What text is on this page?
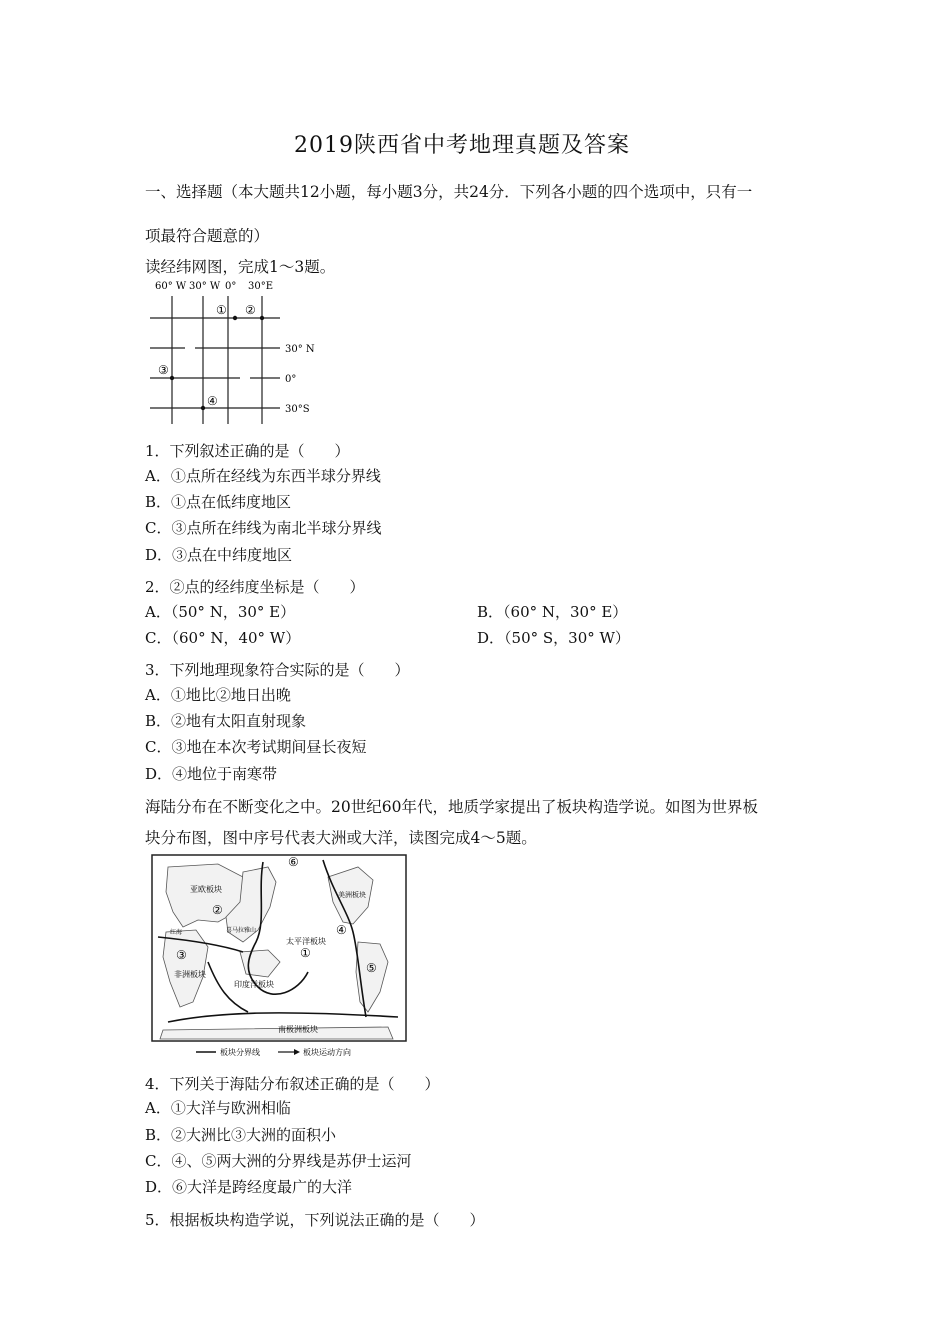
2019陕西省中考地理真题及答案
一、选择题（本大题共12小题，每小题3分，共24分．下列各小题的四个选项中，只有一
项最符合题意的）
读经纬网图，完成1～3题。
60° W 30° W 0° 30°E
30° N
0°
30°S
① ②
③
④
1．下列叙述正确的是（　　）
A．①点所在经线为东西半球分界线
B．①点在低纬度地区
C．③点所在纬线为南北半球分界线
D．③点在中纬度地区
2．②点的经纬度坐标是（　　）
A．（50° N，30° E）	B．（60° N，30° E）
C．（60° N，40° W）	D．（50° S，30° W）
3．下列地理现象符合实际的是（　　）
A．①地比②地日出晚
B．②地有太阳直射现象
C．③地在本次考试期间昼长夜短
D．④地位于南寒带
海陆分布在不断变化之中。20世纪60年代，地质学家提出了板块构造学说。如图为世界板
块分布图，图中序号代表大洲或大洋，读图完成4～5题。
⑥
②
④
③	①
⑤
亚欧板块
太平洋板块
非洲板块
印度洋板块
南极洲板块
美洲板块
喜马拉雅山
红海
板块分界线	板块运动方向
4．下列关于海陆分布叙述正确的是（　　）
A．①大洋与欧洲相临
B．②大洲比③大洲的面积小
C．④、⑤两大洲的分界线是苏伊士运河
D．⑥大洋是跨经度最广的大洋
5．根据板块构造学说，下列说法正确的是（　　）
